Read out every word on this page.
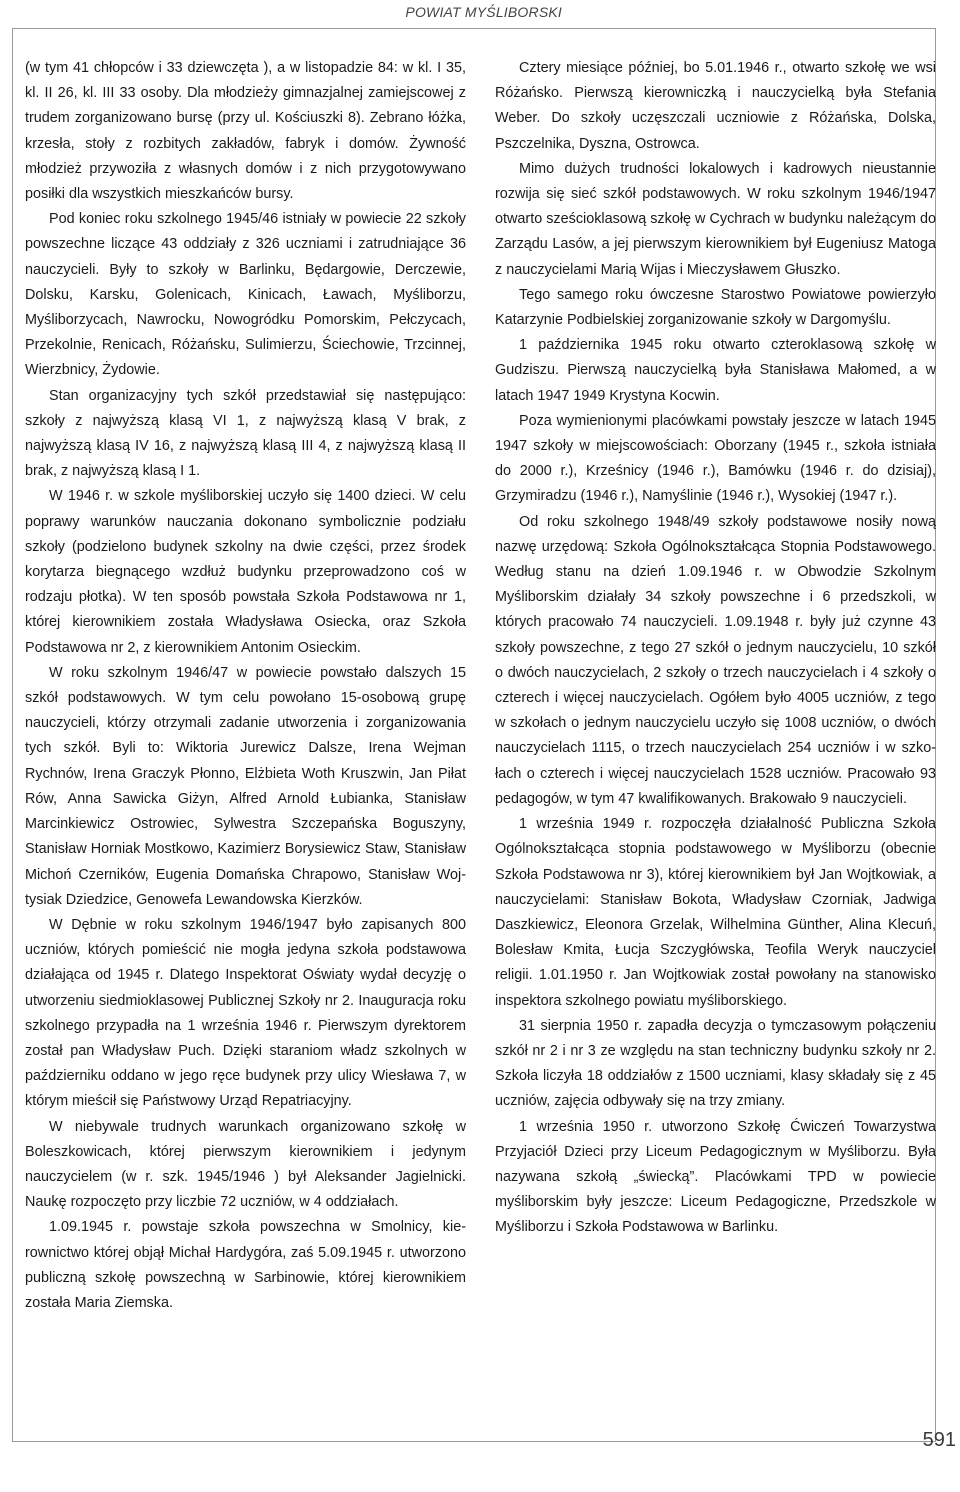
POWIAT MYŚLIBORSKI

(w tym 41 chłopców i 33 dziewczęta ), a w listopadzie 84: w kl. I 35, kl. II 26, kl. III 33 osoby. Dla młodzieży gimnazjalnej zamiejscowej z trudem zorganizowano bursę (przy ul. Kościuszki 8). Zebrano łóżka, krzesła, stoły z rozbitych zakładów, fabryk i domów. Żywność młodzież przywoziła z własnych domów i z nich przygotowywano posiłki dla wszystkich mieszkańców bursy.

Pod koniec roku szkolnego 1945/46 istniały w powiecie 22 szkoły powszechne liczące 43 oddziały z 326 uczniami i zatrudniające 36 nauczycieli. Były to szkoły w Barlinku, Będargowie, Derczewie, Dolsku, Karsku, Golenicach, Kinicach, Ławach, Myśliborzu, Myśliborzycach, Nawrocku, Nowogródku Pomorskim, Pełczycach, Przekolnie, Renicach, Różańsku, Sulimierzu, Ściechowie, Trzcinnej, Wierzbnicy, Żydowie.

Stan organizacyjny tych szkół przedstawiał się następująco: szkoły z najwyższą klasą VI 1, z najwyższą klasą V brak, z najwyższą klasą IV 16, z najwyższą klasą III 4, z najwyższą klasą II brak, z najwyższą klasą I 1.

W 1946 r. w szkole myśliborskiej uczyło się 1400 dzieci. W celu poprawy warunków nauczania dokonano symbolicznie podziału szkoły (podzielono budynek szkolny na dwie części, przez środek korytarza biegnącego wzdłuż budynku przeprowadzono coś w rodzaju płotka). W ten sposób powstała Szkoła Podstawowa nr 1, której kierownikiem została Władysława Osiecka, oraz Szkoła Podstawowa nr 2, z kierownikiem Antonim Osieckim.

W roku szkolnym 1946/47 w powiecie powstało dalszych 15 szkół podstawowych. W tym celu powołano 15-osobową grupę nauczycieli, którzy otrzymali zadanie utworzenia i zorganizowania tych szkół. Byli to: Wiktoria Jurewicz Dalsze, Irena Wejman Rychnów, Irena Graczyk Płonno, Elżbieta Woth Kruszwin, Jan Piłat Rów, Anna Sawicka Giżyn, Alfred Arnold Łubianka, Stanisław Marcinkiewicz Ostrowiec, Sylwestra Szczepańska Boguszyny, Stanisław Horniak Mostkowo, Kazimierz Borysiewicz Staw, Stanisław Michoń Czerników, Eugenia Domańska Chrapowo, Stanisław Wojtysiak Dziedzice, Genowefa Lewandowska Kierzków.

W Dębnie w roku szkolnym 1946/1947 było zapisanych 800 uczniów, których pomieścić nie mogła jedyna szkoła podstawowa działająca od 1945 r. Dlatego Inspektorat Oświaty wydał decyzję o utworzeniu siedmioklasowej Publicznej Szkoły nr 2. Inauguracja roku szkolnego przypadła na 1 września 1946 r. Pierwszym dyrektorem został pan Władysław Puch. Dzięki staraniom władz szkolnych w październiku oddano w jego ręce budynek przy ulicy Wiesława 7, w którym mieścił się Państwowy Urząd Repatriacyjny.

W niebywale trudnych warunkach organizowano szkołę w Boleszkowicach, której pierwszym kierownikiem i jedynym nauczycielem (w r. szk. 1945/1946 ) był Aleksander Jagielnicki. Naukę rozpoczęto przy liczbie 72 uczniów, w 4 oddziałach.

1.09.1945 r. powstaje szkoła powszechna w Smolnicy, kierownictwo której objął Michał Hardygóra, zaś 5.09.1945 r. utworzono publiczną szkołę powszechną w Sarbinowie, której kierownikiem została Maria Ziemska.

Cztery miesiące później, bo 5.01.1946 r., otwarto szkołę we wsi Różańsko. Pierwszą kierowniczką i nauczycielką była Stefania Weber. Do szkoły uczęszczali uczniowie z Różańska, Dolska, Pszczelnika, Dyszna, Ostrowca.

Mimo dużych trudności lokalowych i kadrowych nieustannie rozwija się sieć szkół podstawowych. W roku szkolnym 1946/1947 otwarto sześcioklasową szkołę w Cychrach w budynku należącym do Zarządu Lasów, a jej pierwszym kierownikiem był Eugeniusz Matoga z nauczycielami Marią Wijas i Mieczysławem Głuszko.

Tego samego roku ówczesne Starostwo Powiatowe powierzyło Katarzynie Podbielskiej zorganizowanie szkoły w Dargomyślu.

1 października 1945 roku otwarto czteroklasową szkołę w Gudziszu. Pierwszą nauczycielką była Stanisława Małomed, a w latach 1947 1949 Krystyna Kocwin.

Poza wymienionymi placówkami powstały jeszcze w latach 1945 1947 szkoły w miejscowościach: Oborzany (1945 r., szkoła istniała do 2000 r.), Krześnicy (1946 r.), Bamówku (1946 r. do dzisiaj), Grzymiradzu (1946 r.), Namyślinie (1946 r.), Wysokiej (1947 r.).

Od roku szkolnego 1948/49 szkoły podstawowe nosiły nową nazwę urzędową: Szkoła Ogólnokształcąca Stopnia Podstawowego. Według stanu na dzień 1.09.1946 r. w Obwodzie Szkolnym Myśliborskim działały 34 szkoły powszechne i 6 przedszkoli, w których pracowało 74 nauczycieli. 1.09.1948 r. były już czynne 43 szkoły powszechne, z tego 27 szkół o jednym nauczycielu, 10 szkół o dwóch nauczycielach, 2 szkoły o trzech nauczycielach i 4 szkoły o czterech i więcej nauczycielach. Ogółem było 4005 uczniów, z tego w szkołach o jednym nauczycielu uczyło się 1008 uczniów, o dwóch nauczycielach 1115, o trzech nauczycielach 254 uczniów i w szkołach o czterech i więcej nauczycielach 1528 uczniów. Pracowało 93 pedagogów, w tym 47 kwalifikowanych. Brakowało 9 nauczycieli.

1 września 1949 r. rozpoczęła działalność Publiczna Szkoła Ogólnokształcąca stopnia podstawowego w Myśliborzu (obecnie Szkoła Podstawowa nr 3), której kierownikiem był Jan Wojtkowiak, a nauczycielami: Stanisław Bokota, Władysław Czorniak, Jadwiga Daszkiewicz, Eleonora Grzelak, Wilhelmina Günther, Alina Klecuń, Bolesław Kmita, Łucja Szczygłówska, Teofila Weryk nauczyciel religii. 1.01.1950 r. Jan Wojtkowiak został powołany na stanowisko inspektora szkolnego powiatu myśliborskiego.

31 sierpnia 1950 r. zapadła decyzja o tymczasowym połączeniu szkół nr 2 i nr 3 ze względu na stan techniczny budynku szkoły nr 2. Szkoła liczyła 18 oddziałów z 1500 uczniami, klasy składały się z 45 uczniów, zajęcia odbywały się na trzy zmiany.

1 września 1950 r. utworzono Szkołę Ćwiczeń Towarzystwa Przyjaciół Dzieci przy Liceum Pedagogicznym w Myśliborzu. Była nazywana szkołą „świecką”. Placówkami TPD w powiecie myśliborskim były jeszcze: Liceum Pedagogiczne, Przedszkole w Myśliborzu i Szkoła Podstawowa w Barlinku.

591
